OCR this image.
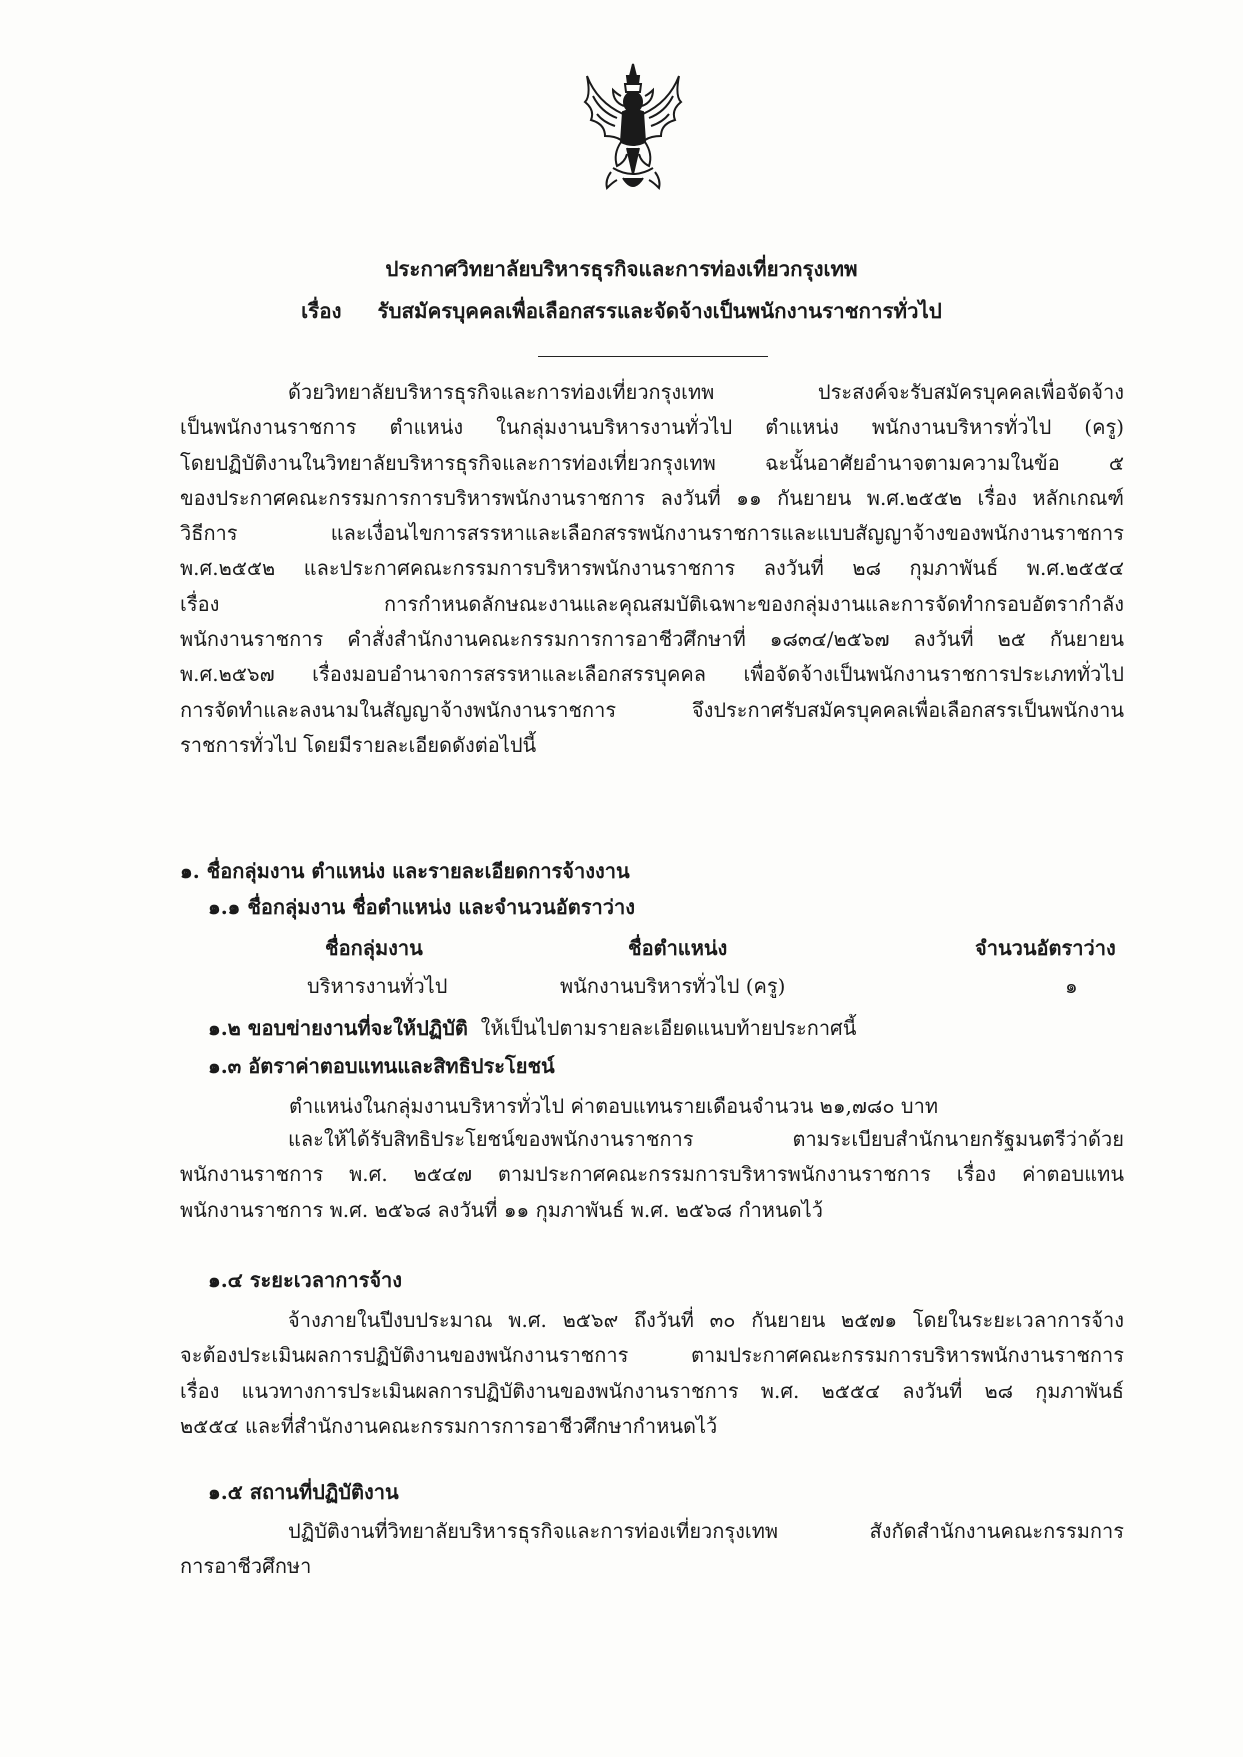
ประกาศวิทยาลัยบริหารธุรกิจและการท่องเที่ยวกรุงเทพ
เรื่อง รับสมัครบุคคลเพื่อเลือกสรรและจัดจ้างเป็นพนักงานราชการทั่วไป
ด้วยวิทยาลัยบริหารธุรกิจและการท่องเที่ยวกรุงเทพ ประสงค์จะรับสมัครบุคคลเพื่อจัดจ้าง
เป็นพนักงานราชการ ตำแหน่ง ในกลุ่มงานบริหารงานทั่วไป ตำแหน่ง พนักงานบริหารทั่วไป (ครู)
โดยปฏิบัติงานในวิทยาลัยบริหารธุรกิจและการท่องเที่ยวกรุงเทพ ฉะนั้นอาศัยอำนาจตามความในข้อ ๕
ของประกาศคณะกรรมการการบริหารพนักงานราชการ ลงวันที่ ๑๑ กันยายน พ.ศ.๒๕๕๒ เรื่อง หลักเกณฑ์
วิธีการ และเงื่อนไขการสรรหาและเลือกสรรพนักงานราชการและแบบสัญญาจ้างของพนักงานราชการ
พ.ศ.๒๕๕๒ และประกาศคณะกรรมการบริหารพนักงานราชการ ลงวันที่ ๒๘ กุมภาพันธ์ พ.ศ.๒๕๕๔
เรื่อง การกำหนดลักษณะงานและคุณสมบัติเฉพาะของกลุ่มงานและการจัดทำกรอบอัตรากำลัง
พนักงานราชการ คำสั่งสำนักงานคณะกรรมการการอาชีวศึกษาที่ ๑๘๓๔/๒๕๖๗ ลงวันที่ ๒๕ กันยายน
พ.ศ.๒๕๖๗ เรื่องมอบอำนาจการสรรหาและเลือกสรรบุคคล เพื่อจัดจ้างเป็นพนักงานราชการประเภททั่วไป
การจัดทำและลงนามในสัญญาจ้างพนักงานราชการ จึงประกาศรับสมัครบุคคลเพื่อเลือกสรรเป็นพนักงาน
ราชการทั่วไป โดยมีรายละเอียดดังต่อไปนี้
๑. ชื่อกลุ่มงาน ตำแหน่ง และรายละเอียดการจ้างงาน
๑.๑ ชื่อกลุ่มงาน ชื่อตำแหน่ง และจำนวนอัตราว่าง
ชื่อกลุ่มงาน	ชื่อตำแหน่ง	จำนวนอัตราว่าง
บริหารงานทั่วไป	พนักงานบริหารทั่วไป (ครู)	๑
๑.๒ ขอบข่ายงานที่จะให้ปฏิบัติ ให้เป็นไปตามรายละเอียดแนบท้ายประกาศนี้
๑.๓ อัตราค่าตอบแทนและสิทธิประโยชน์
ตำแหน่งในกลุ่มงานบริหารทั่วไป ค่าตอบแทนรายเดือนจำนวน ๒๑,๗๘๐ บาท
และให้ได้รับสิทธิประโยชน์ของพนักงานราชการ ตามระเบียบสำนักนายกรัฐมนตรีว่าด้วย
พนักงานราชการ พ.ศ. ๒๕๔๗ ตามประกาศคณะกรรมการบริหารพนักงานราชการ เรื่อง ค่าตอบแทน
พนักงานราชการ พ.ศ. ๒๕๖๘ ลงวันที่ ๑๑ กุมภาพันธ์ พ.ศ. ๒๕๖๘ กำหนดไว้
๑.๔ ระยะเวลาการจ้าง
จ้างภายในปีงบประมาณ พ.ศ. ๒๕๖๙ ถึงวันที่ ๓๐ กันยายน ๒๕๗๑ โดยในระยะเวลาการจ้าง
จะต้องประเมินผลการปฏิบัติงานของพนักงานราชการ ตามประกาศคณะกรรมการบริหารพนักงานราชการ
เรื่อง แนวทางการประเมินผลการปฏิบัติงานของพนักงานราชการ พ.ศ. ๒๕๕๔ ลงวันที่ ๒๘ กุมภาพันธ์
๒๕๕๔ และที่สำนักงานคณะกรรมการการอาชีวศึกษากำหนดไว้
๑.๕ สถานที่ปฏิบัติงาน
ปฏิบัติงานที่วิทยาลัยบริหารธุรกิจและการท่องเที่ยวกรุงเทพ สังกัดสำนักงานคณะกรรมการ
การอาชีวศึกษา
